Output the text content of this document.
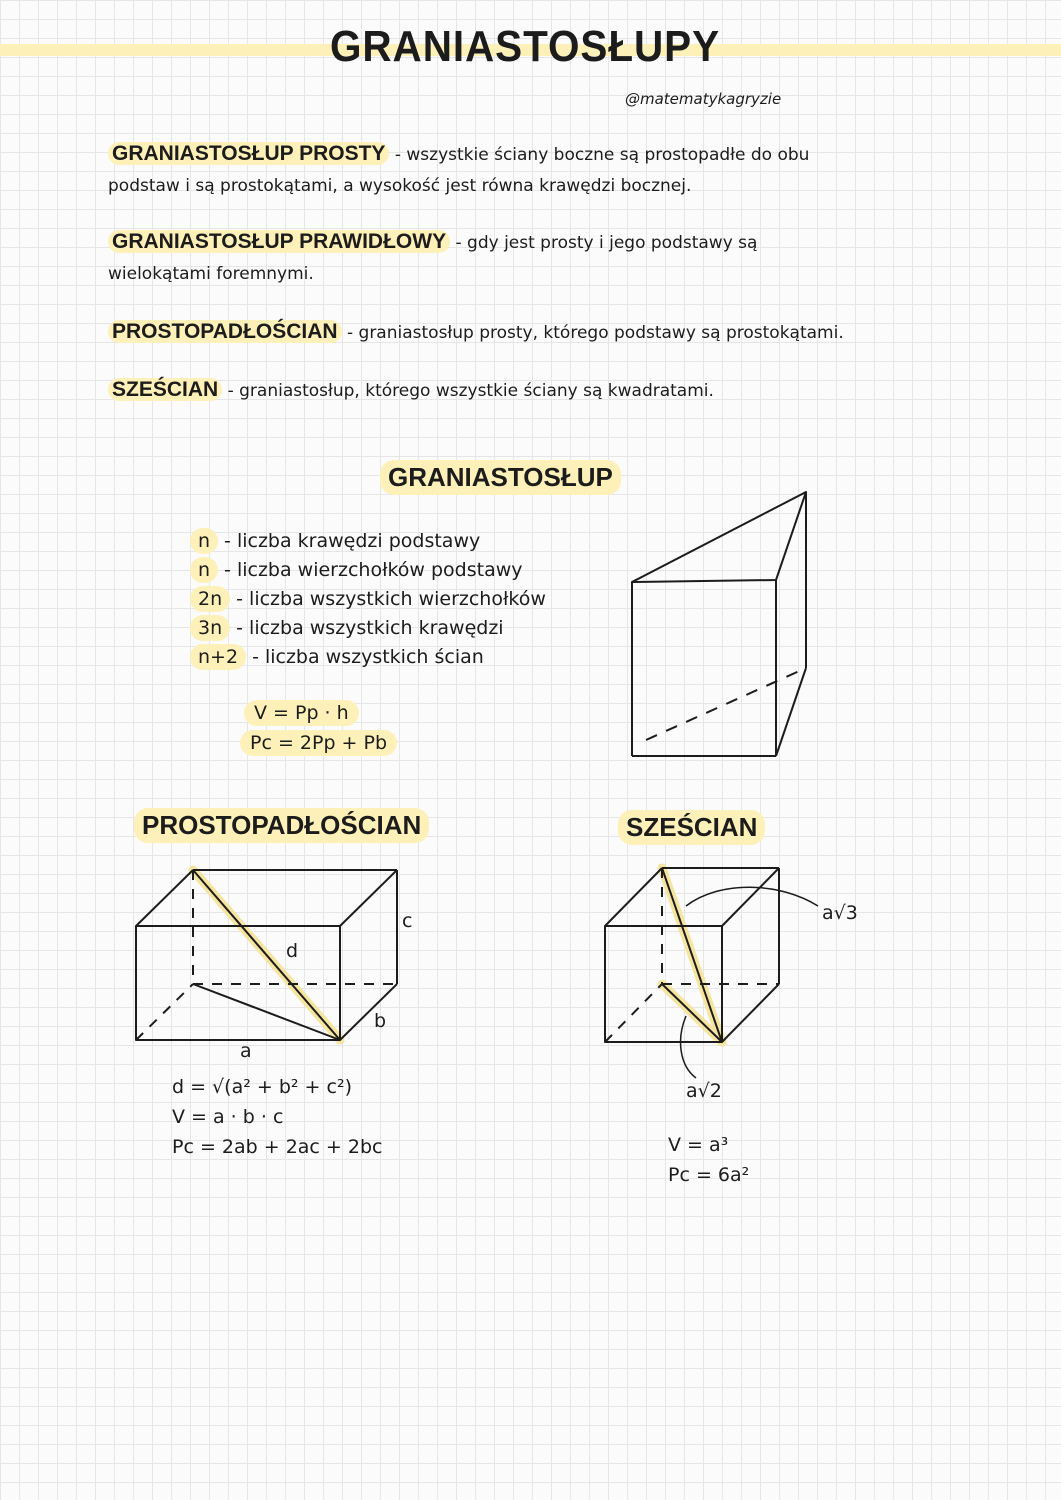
GRANIASTOSŁUPY
@matematykagryzie
GRANIASTOSŁUP PROSTY - wszystkie ściany boczne są prostopadłe do obu
podstaw i są prostokątami, a wysokość jest równa krawędzi bocznej.
GRANIASTOSŁUP PRAWIDŁOWY - gdy jest prosty i jego podstawy są
wielokątami foremnymi.
PROSTOPADŁOŚCIAN - graniastosłup prosty, którego podstawy są prostokątami.
SZEŚCIAN - graniastosłup, którego wszystkie ściany są kwadratami.
GRANIASTOSŁUP
n - liczba krawędzi podstawy
n - liczba wierzchołków podstawy
2n - liczba wszystkich wierzchołków
3n - liczba wszystkich krawędzi
n+2 - liczba wszystkich ścian
V = Pp · h
Pc = 2Pp + Pb
PROSTOPADŁOŚCIAN
d
c
b
a
d = √(a² + b² + c²)
V = a · b · c
Pc = 2ab + 2ac + 2bc
SZEŚCIAN
a√3
a√2
V = a³
Pc = 6a²
